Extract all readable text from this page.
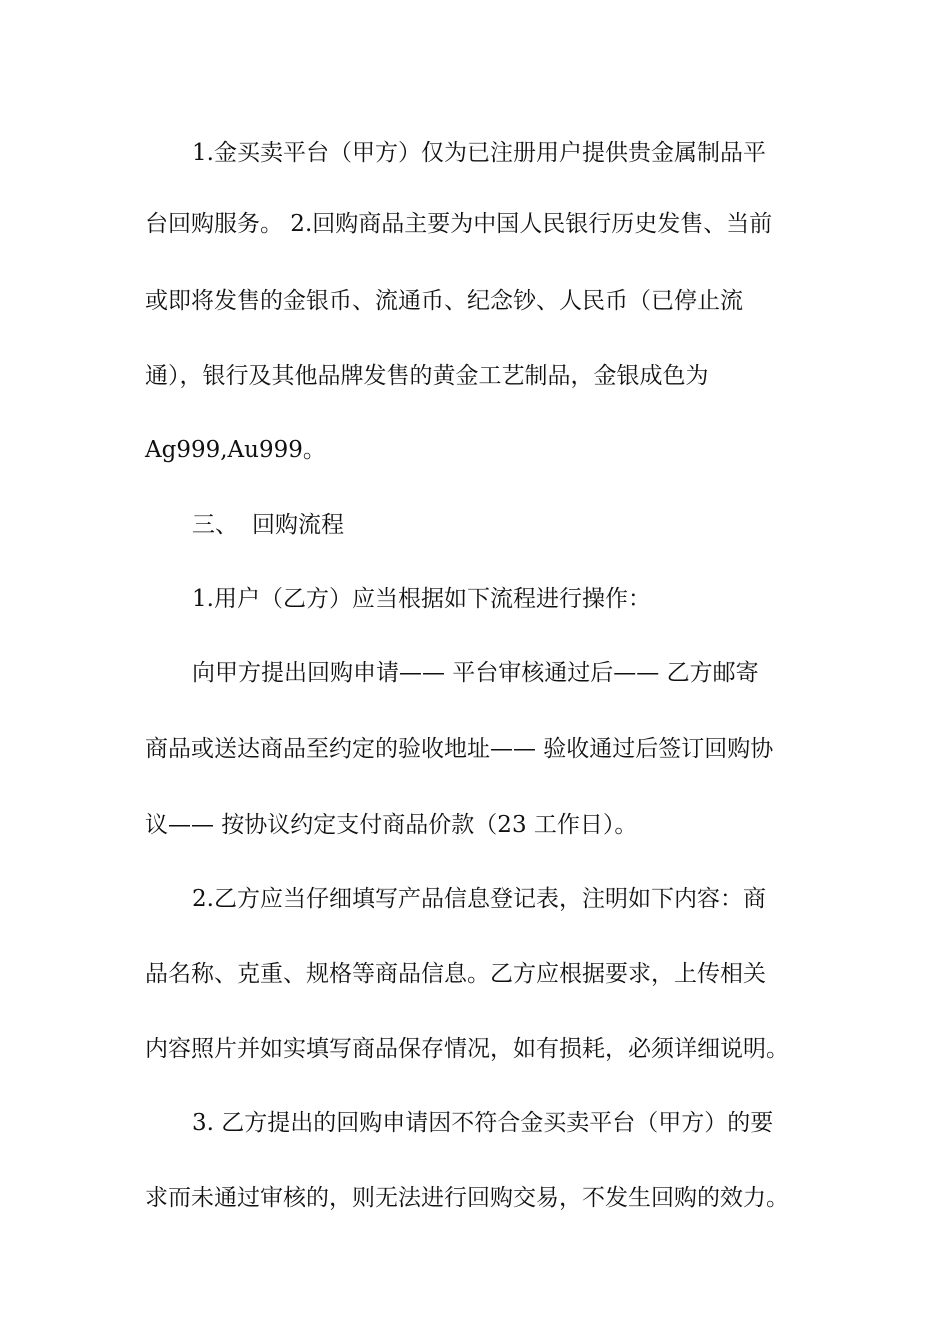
1.金买卖平台（甲方）仅为已注册用户提供贵金属制品平
台回购服务。 2.回购商品主要为中国人民银行历史发售、当前
或即将发售的金银币、流通币、纪念钞、人民币（已停止流
通），银行及其他品牌发售的黄金工艺制品，金银成色为
Ag999,Au999。
三、 回购流程
1.用户（乙方）应当根据如下流程进行操作：
向甲方提出回购申请—— 平台审核通过后—— 乙方邮寄
商品或送达商品至约定的验收地址—— 验收通过后签订回购协
议—— 按协议约定支付商品价款（23 工作日）。
2.乙方应当仔细填写产品信息登记表，注明如下内容：商
品名称、克重、规格等商品信息。乙方应根据要求，上传相关
内容照片并如实填写商品保存情况，如有损耗，必须详细说明。
3. 乙方提出的回购申请因不符合金买卖平台（甲方）的要
求而未通过审核的，则无法进行回购交易，不发生回购的效力。
